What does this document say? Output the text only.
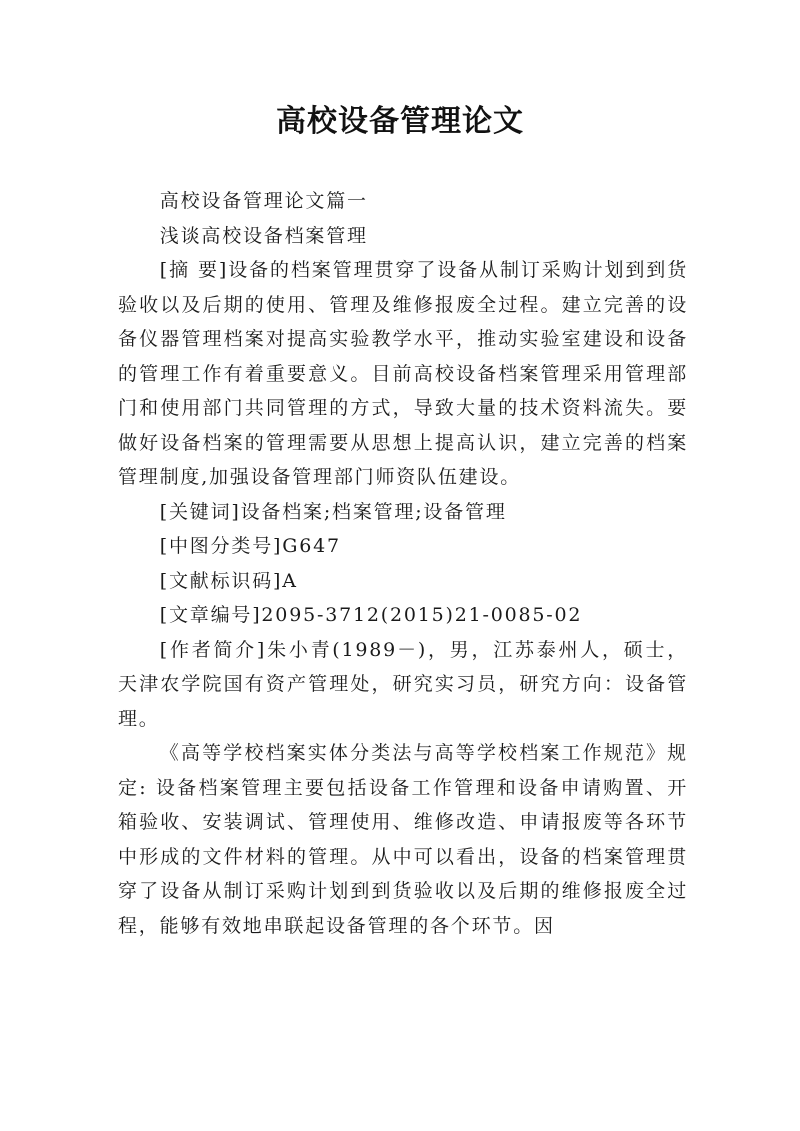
高校设备管理论文

高校设备管理论文篇一

浅谈高校设备档案管理

[摘 要]设备的档案管理贯穿了设备从制订采购计划到到货验收以及后期的使用、管理及维修报废全过程。建立完善的设备仪器管理档案对提高实验教学水平，推动实验室建设和设备的管理工作有着重要意义。目前高校设备档案管理采用管理部门和使用部门共同管理的方式，导致大量的技术资料流失。要做好设备档案的管理需要从思想上提高认识，建立完善的档案管理制度,加强设备管理部门师资队伍建设。

[关键词]设备档案;档案管理;设备管理

[中图分类号]G647

[文献标识码]A

[文章编号]2095-3712(2015)21-0085-02

[作者简介]朱小青(1989－)，男，江苏泰州人，硕士，天津农学院国有资产管理处，研究实习员，研究方向：设备管理。

《高等学校档案实体分类法与高等学校档案工作规范》规定: 设备档案管理主要包括设备工作管理和设备申请购置、开箱验收、安装调试、管理使用、维修改造、申请报废等各环节中形成的文件材料的管理。从中可以看出，设备的档案管理贯穿了设备从制订采购计划到到货验收以及后期的维修报废全过程，能够有效地串联起设备管理的各个环节。因
